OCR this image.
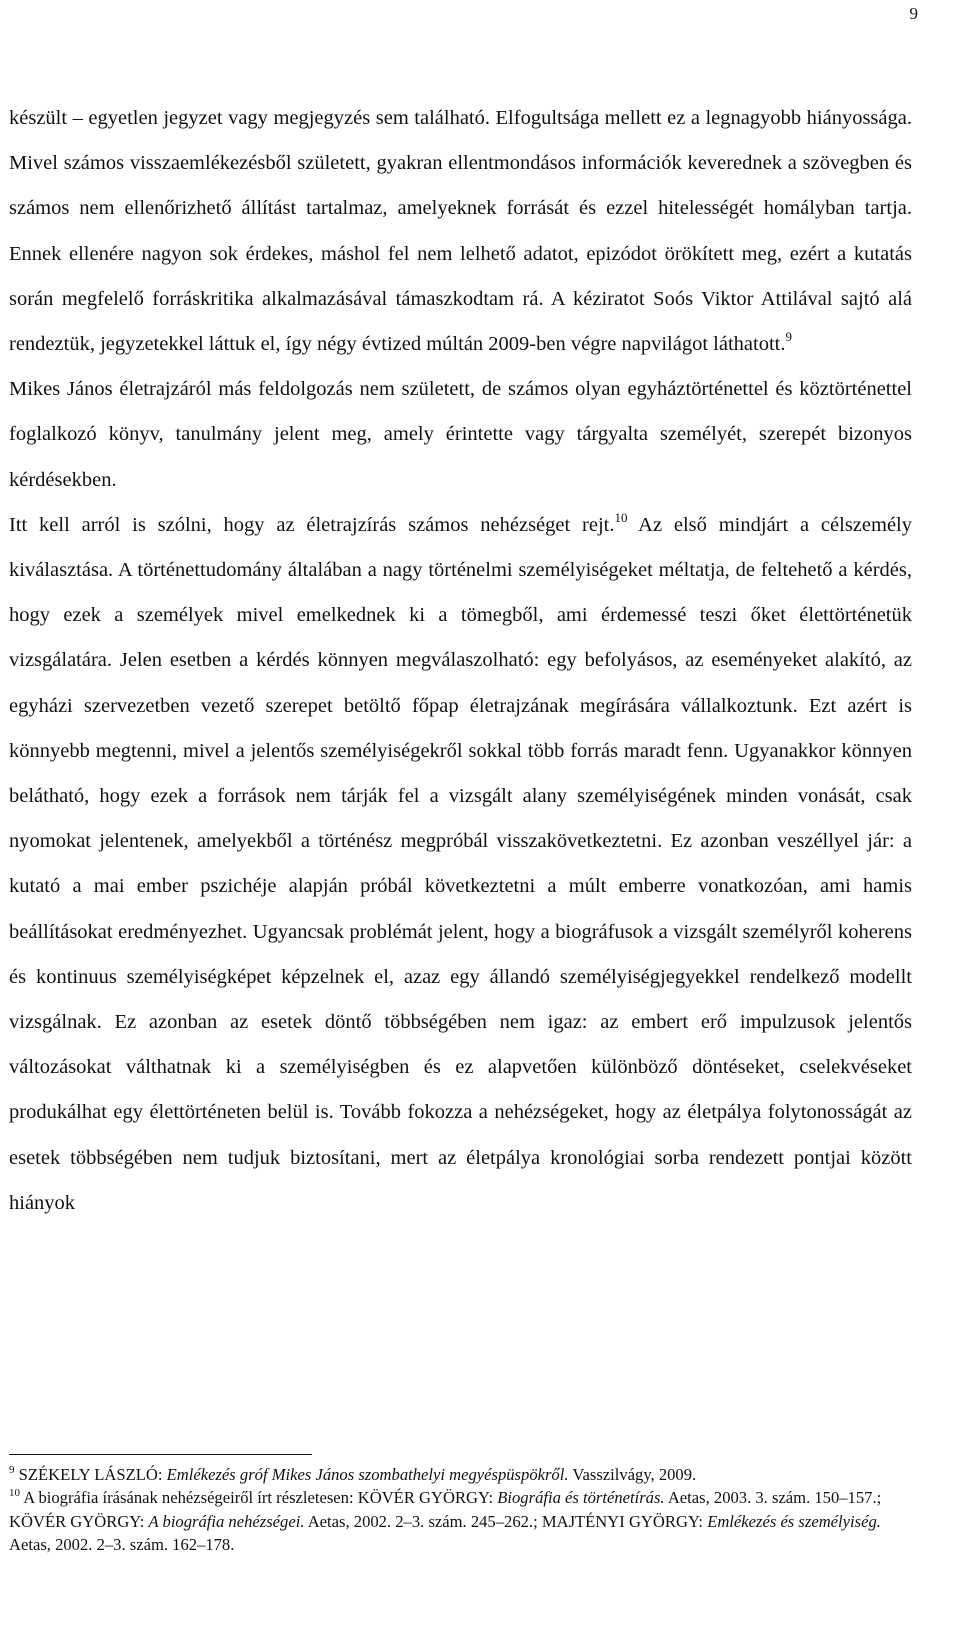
9

készült – egyetlen jegyzet vagy megjegyzés sem található. Elfogultsága mellett ez a legnagyobb hiányossága. Mivel számos visszaemlékezésből született, gyakran ellentmondásos információk keverednek a szövegben és számos nem ellenőrizhető állítást tartalmaz, amelyeknek forrását és ezzel hitelességét homályban tartja. Ennek ellenére nagyon sok érdekes, máshol fel nem lelhető adatot, epizódot örökített meg, ezért a kutatás során megfelelő forráskritika alkalmazásával támaszkodtam rá. A kéziratot Soós Viktor Attilával sajtó alá rendeztük, jegyzetekkel láttuk el, így négy évtized múltán 2009-ben végre napvilágot láthatott.$^9$

Mikes János életrajzáról más feldolgozás nem született, de számos olyan egyháztörténettel és köztörténettel foglalkozó könyv, tanulmány jelent meg, amely érintette vagy tárgyalta személyét, szerepét bizonyos kérdésekben.

Itt kell arról is szólni, hogy az életrajzírás számos nehézséget rejt.$^{10}$ Az első mindjárt a célszemély kiválasztása. A történettudomány általában a nagy történelmi személyiségeket méltatja, de feltehető a kérdés, hogy ezek a személyek mivel emelkednek ki a tömegből, ami érdemessé teszi őket élettörténetük vizsgálatára. Jelen esetben a kérdés könnyen megválaszolható: egy befolyásos, az eseményeket alakító, az egyházi szervezetben vezető szerepet betöltő főpap életrajzának megírására vállalkoztunk. Ezt azért is könnyebb megtenni, mivel a jelentős személyiségekről sokkal több forrás maradt fenn. Ugyanakkor könnyen belátható, hogy ezek a források nem tárják fel a vizsgált alany személyiségének minden vonását, csak nyomokat jelentenek, amelyekből a történész megpróbál visszakövetkeztetni. Ez azonban veszéllyel jár: a kutató a mai ember pszichéje alapján próbál következtetni a múlt emberre vonatkozóan, ami hamis beállításokat eredményezhet. Ugyancsak problémát jelent, hogy a biográfusok a vizsgált személyről koherens és kontinuus személyiségképet képzelnek el, azaz egy állandó személyiségjegyekkel rendelkező modellt vizsgálnak. Ez azonban az esetek döntő többségében nem igaz: az embert erő impulzusok jelentős változásokat válthatnak ki a személyiségben és ez alapvetően különböző döntéseket, cselekvéseket produkálhat egy élettörténeten belül is. Tovább fokozza a nehézségeket, hogy az életpálya folytonosságát az esetek többségében nem tudjuk biztosítani, mert az életpálya kronológiai sorba rendezett pontjai között hiányok

$^9$ SZÉKELY LÁSZLÓ: Emlékezés gróf Mikes János szombathelyi megyéspüspökről. Vasszilvágy, 2009.

$^{10}$ A biográfia írásának nehézségeiről írt részletesen: KÖVÉR GYÖRGY: Biográfia és történetírás. Aetas, 2003. 3. szám. 150–157.; KÖVÉR GYÖRGY: A biográfia nehézségei. Aetas, 2002. 2–3. szám. 245–262.; MAJTÉNYI GYÖRGY: Emlékezés és személyiség. Aetas, 2002. 2–3. szám. 162–178.
